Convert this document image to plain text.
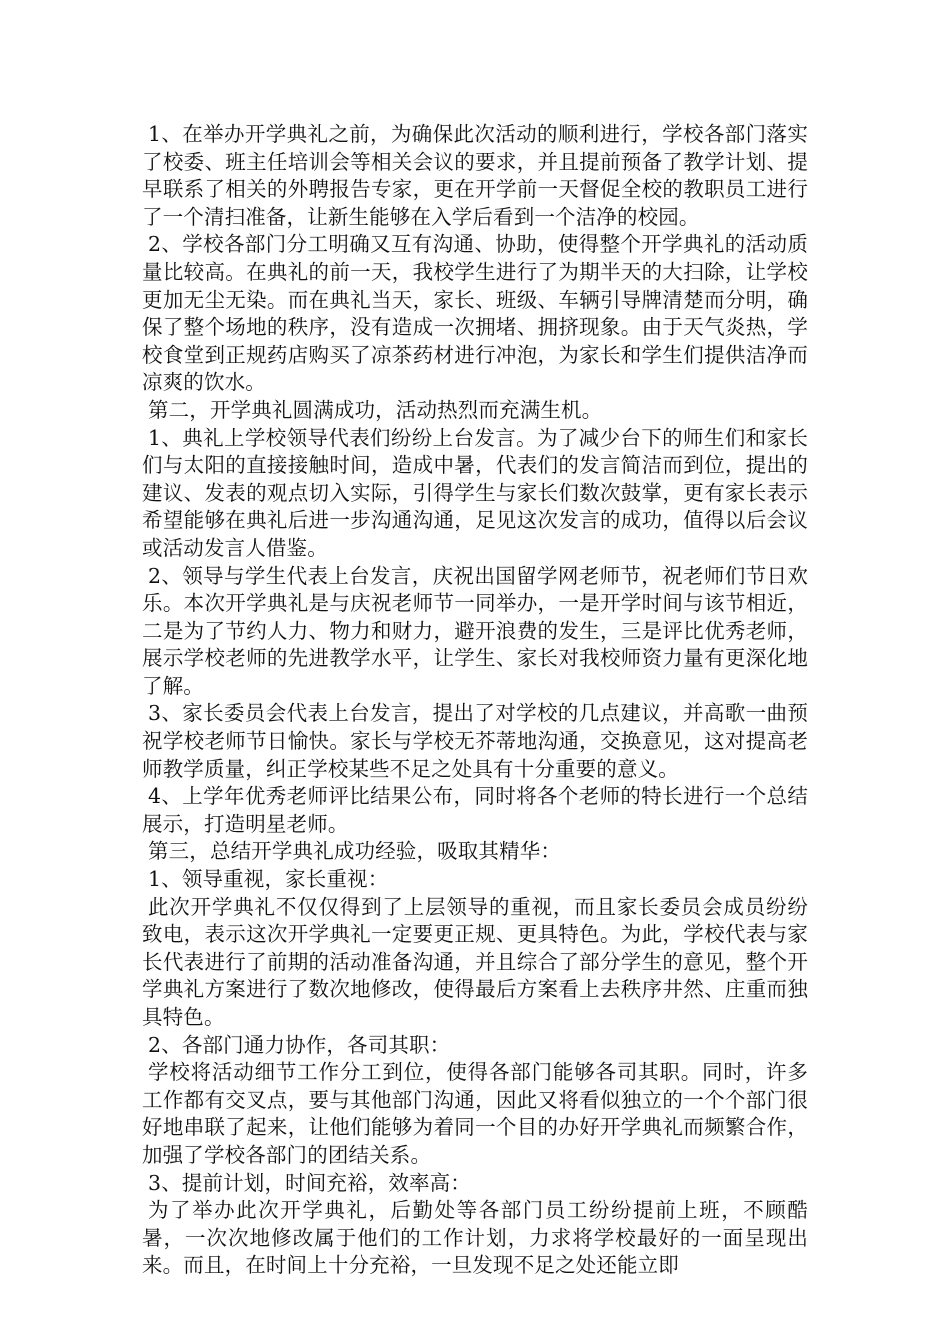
1、在举办开学典礼之前，为确保此次活动的顺利进行，学校各部门落实了校委、班主任培训会等相关会议的要求，并且提前预备了教学计划、提早联系了相关的外聘报告专家，更在开学前一天督促全校的教职员工进行了一个清扫准备，让新生能够在入学后看到一个洁净的校园。

2、学校各部门分工明确又互有沟通、协助，使得整个开学典礼的活动质量比较高。在典礼的前一天，我校学生进行了为期半天的大扫除，让学校更加无尘无染。而在典礼当天，家长、班级、车辆引导牌清楚而分明，确保了整个场地的秩序，没有造成一次拥堵、拥挤现象。由于天气炎热，学校食堂到正规药店购买了凉茶药材进行冲泡，为家长和学生们提供洁净而凉爽的饮水。

第二，开学典礼圆满成功，活动热烈而充满生机。

1、典礼上学校领导代表们纷纷上台发言。为了减少台下的师生们和家长们与太阳的直接接触时间，造成中暑，代表们的发言简洁而到位，提出的建议、发表的观点切入实际，引得学生与家长们数次鼓掌，更有家长表示希望能够在典礼后进一步沟通沟通，足见这次发言的成功，值得以后会议或活动发言人借鉴。

2、领导与学生代表上台发言，庆祝出国留学网老师节，祝老师们节日欢乐。本次开学典礼是与庆祝老师节一同举办，一是开学时间与该节相近，二是为了节约人力、物力和财力，避开浪费的发生，三是评比优秀老师，展示学校老师的先进教学水平，让学生、家长对我校师资力量有更深化地了解。

3、家长委员会代表上台发言，提出了对学校的几点建议，并高歌一曲预祝学校老师节日愉快。家长与学校无芥蒂地沟通，交换意见，这对提高老师教学质量，纠正学校某些不足之处具有十分重要的意义。

4、上学年优秀老师评比结果公布，同时将各个老师的特长进行一个总结展示，打造明星老师。

第三，总结开学典礼成功经验，吸取其精华：

1、领导重视，家长重视：

此次开学典礼不仅仅得到了上层领导的重视，而且家长委员会成员纷纷致电，表示这次开学典礼一定要更正规、更具特色。为此，学校代表与家长代表进行了前期的活动准备沟通，并且综合了部分学生的意见，整个开学典礼方案进行了数次地修改，使得最后方案看上去秩序井然、庄重而独具特色。

2、各部门通力协作，各司其职：

学校将活动细节工作分工到位，使得各部门能够各司其职。同时，许多工作都有交叉点，要与其他部门沟通，因此又将看似独立的一个个部门很好地串联了起来，让他们能够为着同一个目的办好开学典礼而频繁合作，加强了学校各部门的团结关系。

3、提前计划，时间充裕，效率高：

为了举办此次开学典礼，后勤处等各部门员工纷纷提前上班，不顾酷暑，一次次地修改属于他们的工作计划，力求将学校最好的一面呈现出来。而且，在时间上十分充裕，一旦发现不足之处还能立即
